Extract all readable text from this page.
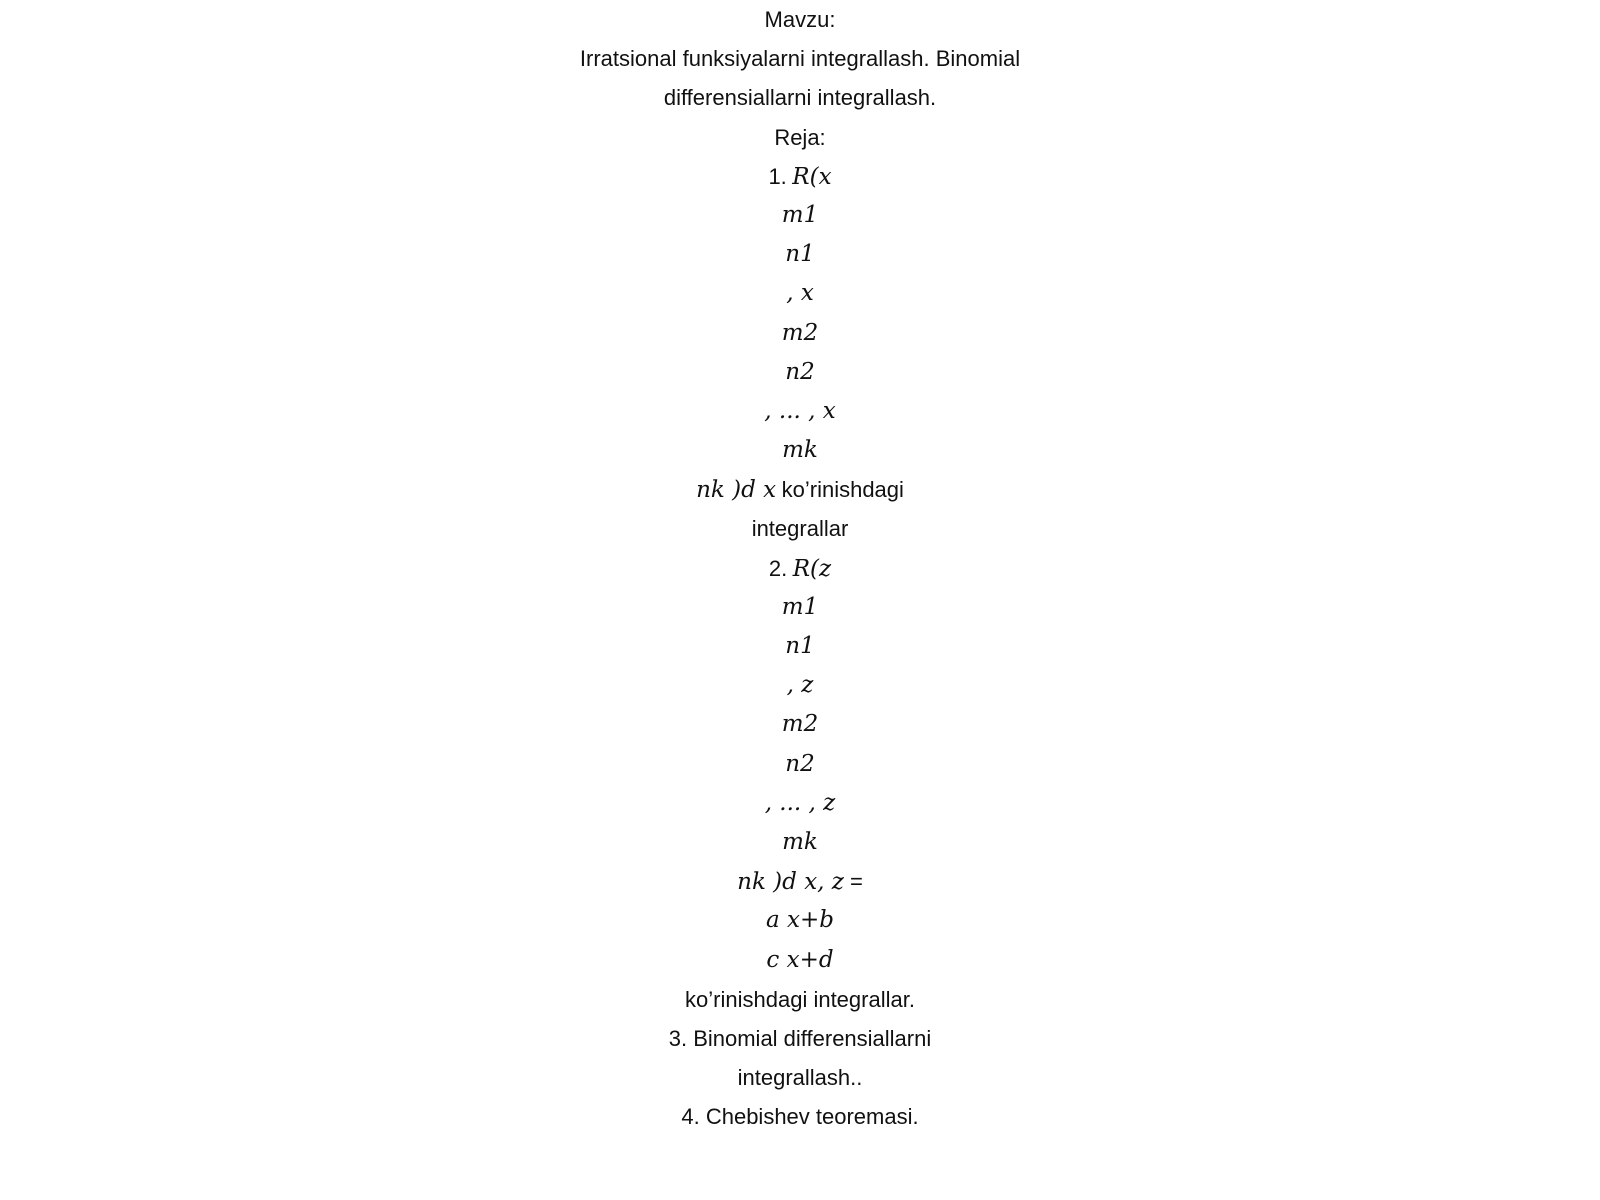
Mavzu:
Irratsional funksiyalarni integrallash. Binomial
differensiallarni integrallash.
Reja:
1. R(x
m1
n1
, x
m2
n2
, ... , x
mk
nk )d x ko’rinishdagi
integrallar
2. R(z
m1
n1
, z
m2
n2
, ... , z
mk
nk )d x, z =
a x+b
c x+d
ko’rinishdagi integrallar.
3. Binomial differensiallarni
integrallash..
4. Chebishev teoremasi.
